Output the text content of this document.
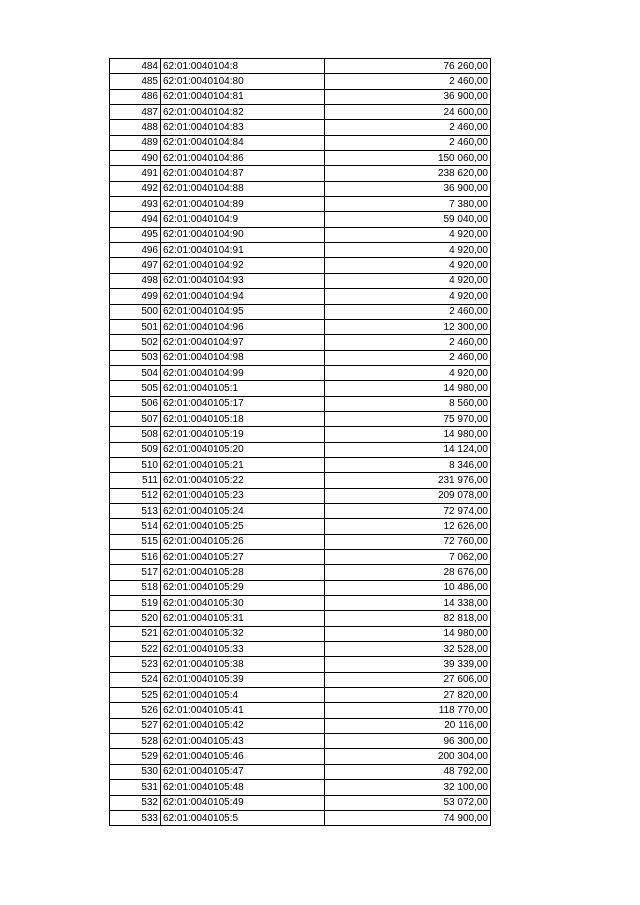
484	62:01:0040104:8	76 260,00
485	62:01:0040104:80	2 460,00
486	62:01:0040104:81	36 900,00
487	62:01:0040104:82	24 600,00
488	62:01:0040104:83	2 460,00
489	62:01:0040104:84	2 460,00
490	62:01:0040104:86	150 060,00
491	62:01:0040104:87	238 620,00
492	62:01:0040104:88	36 900,00
493	62:01:0040104:89	7 380,00
494	62:01:0040104:9	59 040,00
495	62:01:0040104:90	4 920,00
496	62:01:0040104:91	4 920,00
497	62:01:0040104:92	4 920,00
498	62:01:0040104:93	4 920,00
499	62:01:0040104:94	4 920,00
500	62:01:0040104:95	2 460,00
501	62:01:0040104:96	12 300,00
502	62:01:0040104:97	2 460,00
503	62:01:0040104:98	2 460,00
504	62:01:0040104:99	4 920,00
505	62:01:0040105:1	14 980,00
506	62:01:0040105:17	8 560,00
507	62:01:0040105:18	75 970,00
508	62:01:0040105:19	14 980,00
509	62:01:0040105:20	14 124,00
510	62:01:0040105:21	8 346,00
511	62:01:0040105:22	231 976,00
512	62:01:0040105:23	209 078,00
513	62:01:0040105:24	72 974,00
514	62:01:0040105:25	12 626,00
515	62:01:0040105:26	72 760,00
516	62:01:0040105:27	7 062,00
517	62:01:0040105:28	28 676,00
518	62:01:0040105:29	10 486,00
519	62:01:0040105:30	14 338,00
520	62:01:0040105:31	82 818,00
521	62:01:0040105:32	14 980,00
522	62:01:0040105:33	32 528,00
523	62:01:0040105:38	39 339,00
524	62:01:0040105:39	27 606,00
525	62:01:0040105:4	27 820,00
526	62:01:0040105:41	118 770,00
527	62:01:0040105:42	20 116,00
528	62:01:0040105:43	96 300,00
529	62:01:0040105:46	200 304,00
530	62:01:0040105:47	48 792,00
531	62:01:0040105:48	32 100,00
532	62:01:0040105:49	53 072,00
533	62:01:0040105:5	74 900,00
